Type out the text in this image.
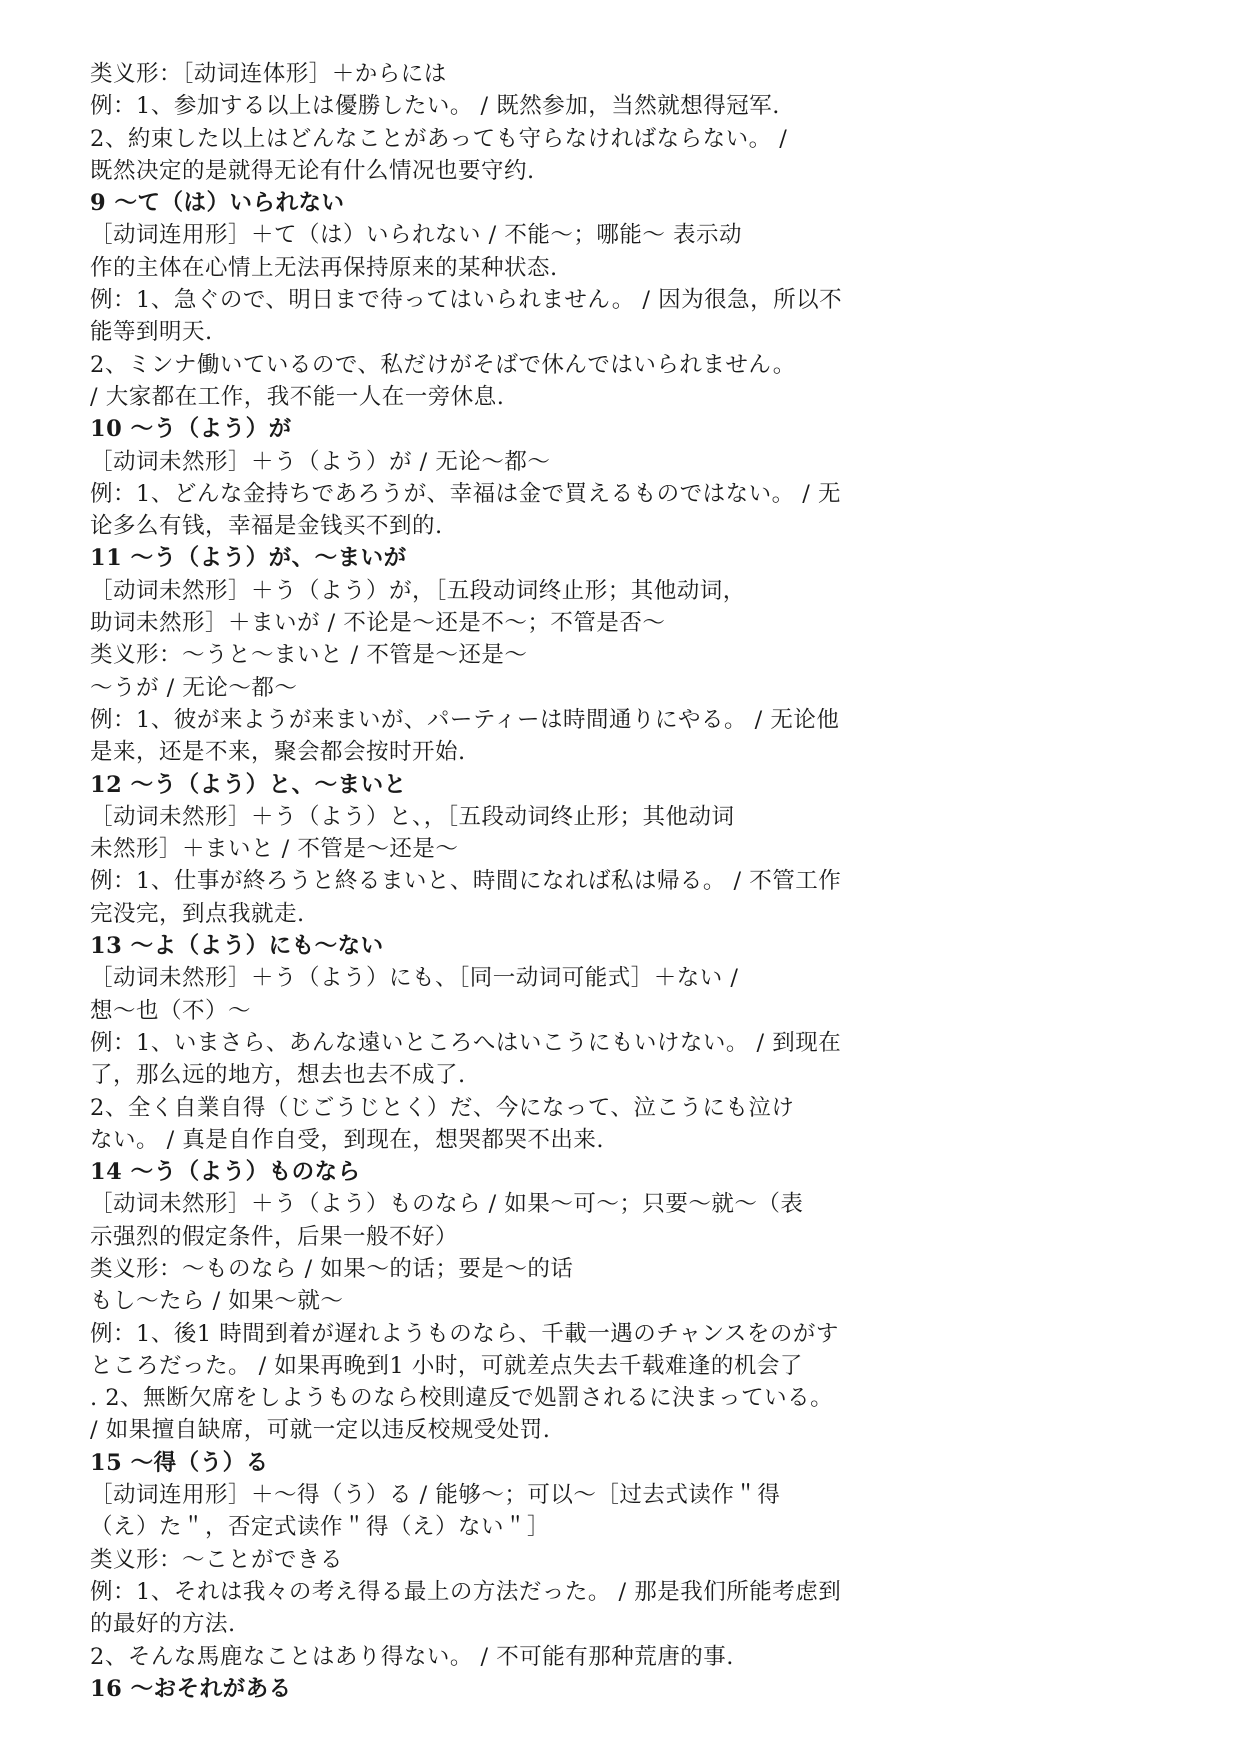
类义形：［动词连体形］＋からには
例：1、参加する以上は優勝したい。 / 既然参加，当然就想得冠军.
2、約束した以上はどんなことがあっても守らなければならない。 /
既然决定的是就得无论有什么情况也要守约.
9 ～て（は）いられない
［动词连用形］＋て（は）いられない / 不能～；哪能～ 表示动
作的主体在心情上无法再保持原来的某种状态.
例：1、急ぐので、明日まで待ってはいられません。 / 因为很急，所以不
能等到明天.
2、ミンナ働いているので、私だけがそばで休んではいられません。
/ 大家都在工作，我不能一人在一旁休息.
10 ～う（よう）が
［动词未然形］＋う（よう）が / 无论～都～
例：1、どんな金持ちであろうが、幸福は金で買えるものではない。 / 无
论多么有钱，幸福是金钱买不到的.
11 ～う（よう）が、～まいが
［动词未然形］＋う（よう）が，［五段动词终止形；其他动词，
助词未然形］＋まいが / 不论是～还是不～；不管是否～
类义形：～うと～まいと / 不管是～还是～
～うが / 无论～都～
例：1、彼が来ようが来まいが、パーティーは時間通りにやる。 / 无论他
是来，还是不来，聚会都会按时开始.
12 ～う（よう）と、～まいと
［动词未然形］＋う（よう）と、，［五段动词终止形；其他动词
未然形］＋まいと / 不管是～还是～
例：1、仕事が終ろうと終るまいと、時間になれば私は帰る。 / 不管工作
完没完，到点我就走.
13 ～よ（よう）にも～ない
［动词未然形］＋う（よう）にも、［同一动词可能式］＋ない /
想～也（不）～
例：1、いまさら、あんな遠いところへはいこうにもいけない。 / 到现在
了，那么远的地方，想去也去不成了.
2、全く自業自得（じごうじとく）だ、今になって、泣こうにも泣け
ない。 / 真是自作自受，到现在，想哭都哭不出来.
14 ～う（よう）ものなら
［动词未然形］＋う（よう）ものなら / 如果～可～；只要～就～（表
示强烈的假定条件，后果一般不好）
类义形：～ものなら / 如果～的话；要是～的话
もし～たら / 如果～就～
例：1、後1 時間到着が遅れようものなら、千載一遇のチャンスをのがす
ところだった。 / 如果再晚到1 小时，可就差点失去千载难逢的机会了
. 2、無断欠席をしようものなら校則違反で処罰されるに決まっている。
/ 如果擅自缺席，可就一定以违反校规受处罚.
15 ～得（う）る
［动词连用形］＋～得（う）る / 能够～；可以～［过去式读作＂得
（え）た＂，否定式读作＂得（え）ない＂］
类义形：～ことができる
例：1、それは我々の考え得る最上の方法だった。 / 那是我们所能考虑到
的最好的方法.
2、そんな馬鹿なことはあり得ない。 / 不可能有那种荒唐的事.
16 ～おそれがある
